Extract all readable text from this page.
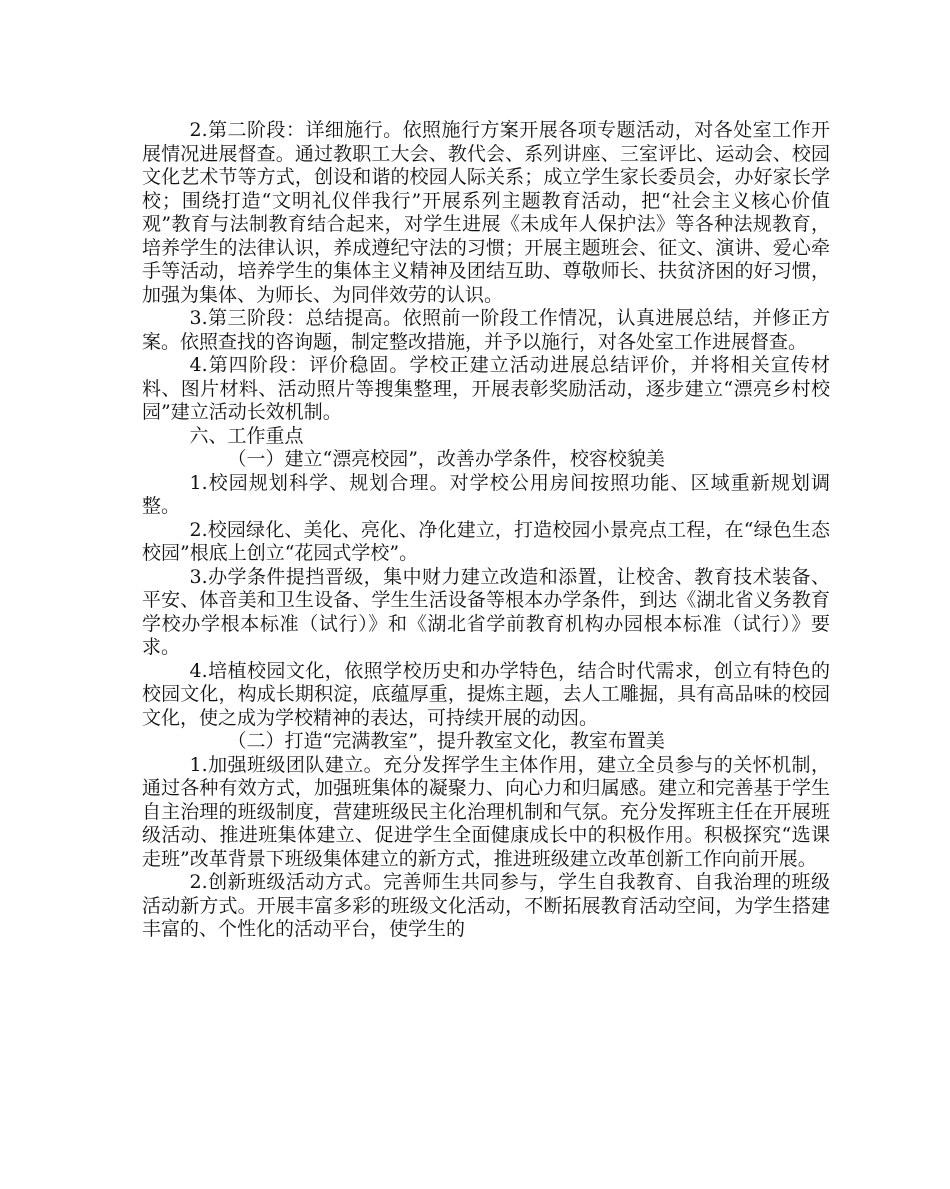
2.第二阶段：详细施行。依照施行方案开展各项专题活动，对各处室工作开展情况进展督查。通过教职工大会、教代会、系列讲座、三室评比、运动会、校园文化艺术节等方式，创设和谐的校园人际关系；成立学生家长委员会，办好家长学校；围绕打造“文明礼仪伴我行”开展系列主题教育活动，把“社会主义核心价值观”教育与法制教育结合起来，对学生进展《未成年人保护法》等各种法规教育，培养学生的法律认识，养成遵纪守法的习惯；开展主题班会、征文、演讲、爱心牵手等活动，培养学生的集体主义精神及团结互助、尊敬师长、扶贫济困的好习惯，加强为集体、为师长、为同伴效劳的认识。

3.第三阶段：总结提高。依照前一阶段工作情况，认真进展总结，并修正方案。依照查找的咨询题，制定整改措施，并予以施行，对各处室工作进展督查。

4.第四阶段：评价稳固。学校正建立活动进展总结评价，并将相关宣传材料、图片材料、活动照片等搜集整理，开展表彰奖励活动，逐步建立“漂亮乡村校园”建立活动长效机制。

六、工作重点

（一）建立“漂亮校园”，改善办学条件，校容校貌美

1.校园规划科学、规划合理。对学校公用房间按照功能、区域重新规划调整。

2.校园绿化、美化、亮化、净化建立，打造校园小景亮点工程，在“绿色生态校园”根底上创立“花园式学校”。

3.办学条件提挡晋级，集中财力建立改造和添置，让校舍、教育技术装备、平安、体音美和卫生设备、学生生活设备等根本办学条件，到达《湖北省义务教育学校办学根本标准（试行）》和《湖北省学前教育机构办园根本标准（试行）》要求。

4.培植校园文化，依照学校历史和办学特色，结合时代需求，创立有特色的校园文化，构成长期积淀，底蕴厚重，提炼主题，去人工雕掘，具有高品味的校园文化，使之成为学校精神的表达，可持续开展的动因。

（二）打造“完满教室”，提升教室文化，教室布置美

1.加强班级团队建立。充分发挥学生主体作用，建立全员参与的关怀机制，通过各种有效方式，加强班集体的凝聚力、向心力和归属感。建立和完善基于学生自主治理的班级制度，营建班级民主化治理机制和气氛。充分发挥班主任在开展班级活动、推进班集体建立、促进学生全面健康成长中的积极作用。积极探究“选课走班”改革背景下班级集体建立的新方式，推进班级建立改革创新工作向前开展。

2.创新班级活动方式。完善师生共同参与，学生自我教育、自我治理的班级活动新方式。开展丰富多彩的班级文化活动，不断拓展教育活动空间，为学生搭建丰富的、个性化的活动平台，使学生的
